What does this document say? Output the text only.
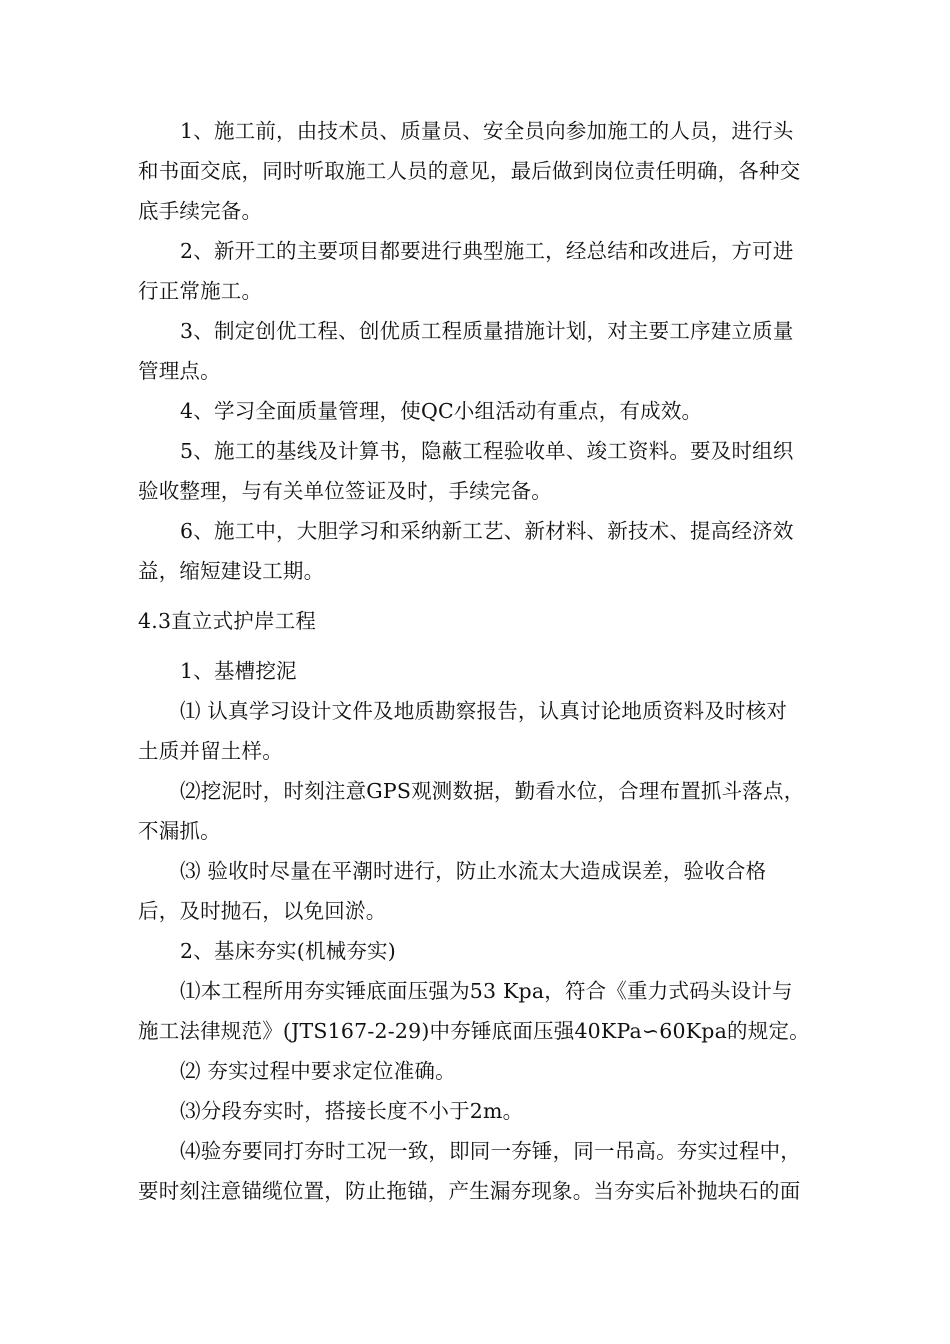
1、施工前，由技术员、质量员、安全员向参加施工的人员，进行头
和书面交底，同时听取施工人员的意见，最后做到岗位责任明确，各种交
底手续完备。
2、新开工的主要项目都要进行典型施工，经总结和改进后，方可进
行正常施工。
3、制定创优工程、创优质工程质量措施计划，对主要工序建立质量
管理点。
4、学习全面质量管理，使QC小组活动有重点，有成效。
5、施工的基线及计算书，隐蔽工程验收单、竣工资料。要及时组织
验收整理，与有关单位签证及时，手续完备。
6、施工中，大胆学习和采纳新工艺、新材料、新技术、提高经济效
益，缩短建设工期。
4.3直立式护岸工程
1、基槽挖泥
⑴ 认真学习设计文件及地质勘察报告，认真讨论地质资料及时核对
土质并留土样。
⑵挖泥时，时刻注意GPS观测数据，勤看水位，合理布置抓斗落点，
不漏抓。
⑶ 验收时尽量在平潮时进行，防止水流太大造成误差，验收合格
后，及时抛石，以免回淤。
2、基床夯实(机械夯实)
⑴本工程所用夯实锤底面压强为53 Kpa，符合《重力式码头设计与
施工法律规范》(JTS167-2-29)中夯锤底面压强40KPa∽60Kpa的规定。
⑵ 夯实过程中要求定位准确。
⑶分段夯实时，搭接长度不小于2m。
⑷验夯要同打夯时工况一致，即同一夯锤，同一吊高。夯实过程中，
要时刻注意锚缆位置，防止拖锚，产生漏夯现象。当夯实后补抛块石的面
